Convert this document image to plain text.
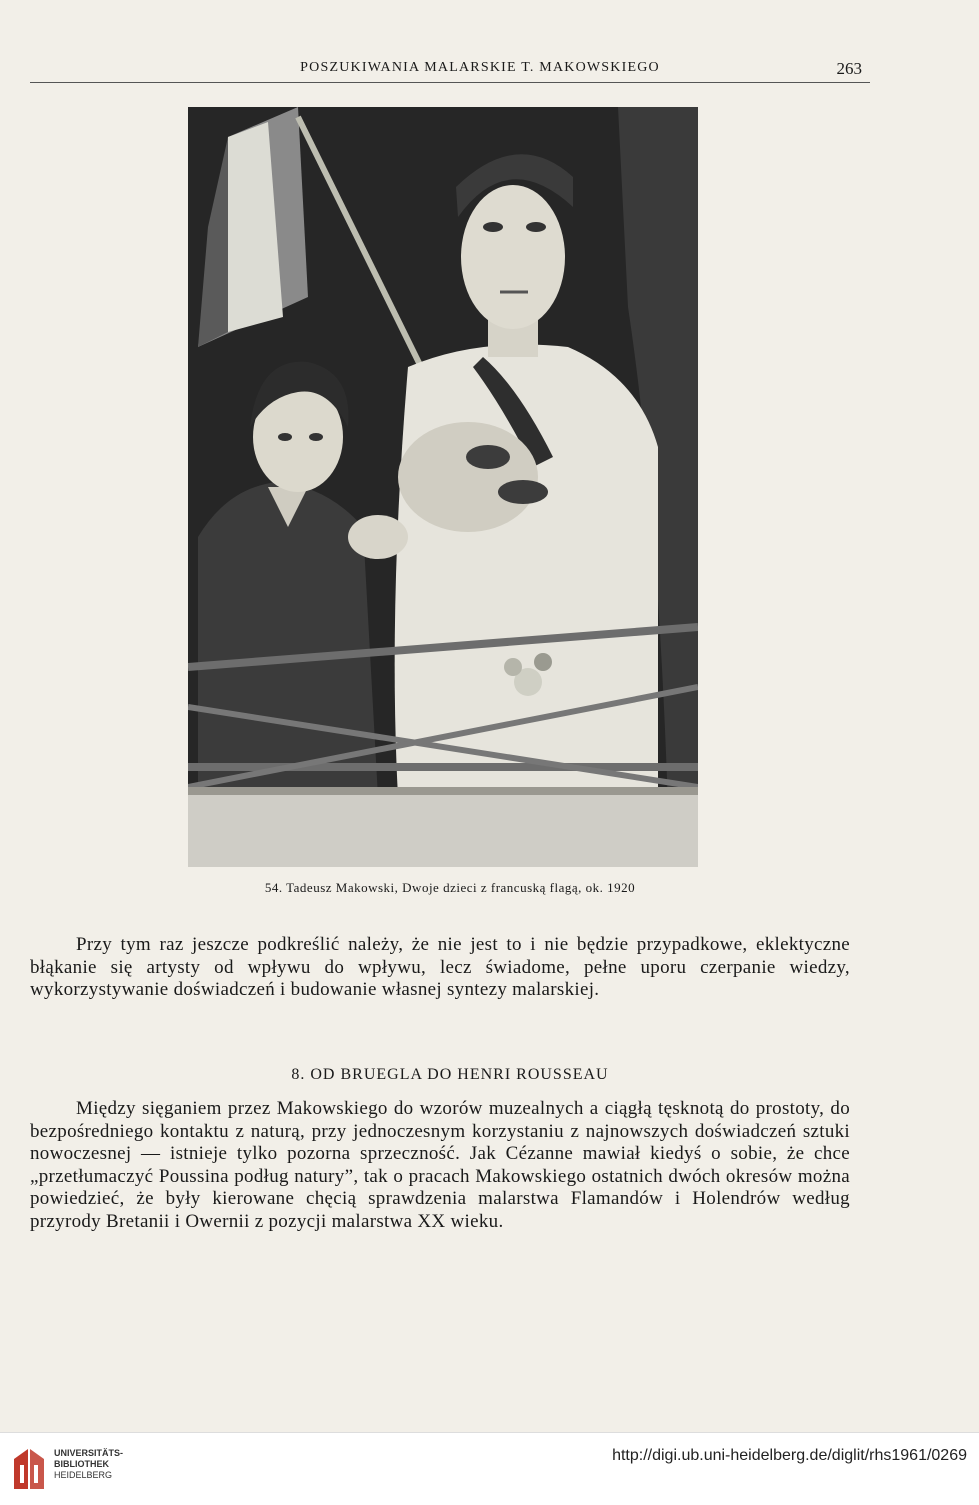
POSZUKIWANIA MALARSKIE T. MAKOWSKIEGO	263
54. Tadeusz Makowski, Dwoje dzieci z francuską flagą, ok. 1920
Przy tym raz jeszcze podkreślić należy, że nie jest to i nie będzie przypadkowe, eklektyczne błąkanie się artysty od wpływu do wpływu, lecz świadome, pełne uporu czerpanie wiedzy, wykorzystywanie doświadczeń i budowanie własnej syntezy malarskiej.
8. OD BRUEGLA DO HENRI ROUSSEAU
Między sięganiem przez Makowskiego do wzorów muzealnych a ciągłą tęsknotą do prostoty, do bezpośredniego kontaktu z naturą, przy jednoczesnym korzystaniu z najnowszych doświadczeń sztuki nowoczesnej — istnieje tylko pozorna sprzeczność. Jak Cézanne mawiał kiedyś o sobie, że chce „przetłumaczyć Poussina podług natury”, tak o pracach Makowskiego ostatnich dwóch okresów można powiedzieć, że były kierowane chęcią sprawdzenia malarstwa Flamandów i Holendrów według przyrody Bretanii i Owernii z pozycji malarstwa XX wieku.
UNIVERSITÄTS-
BIBLIOTHEK
HEIDELBERG
http://digi.ub.uni-heidelberg.de/diglit/rhs1961/0269
